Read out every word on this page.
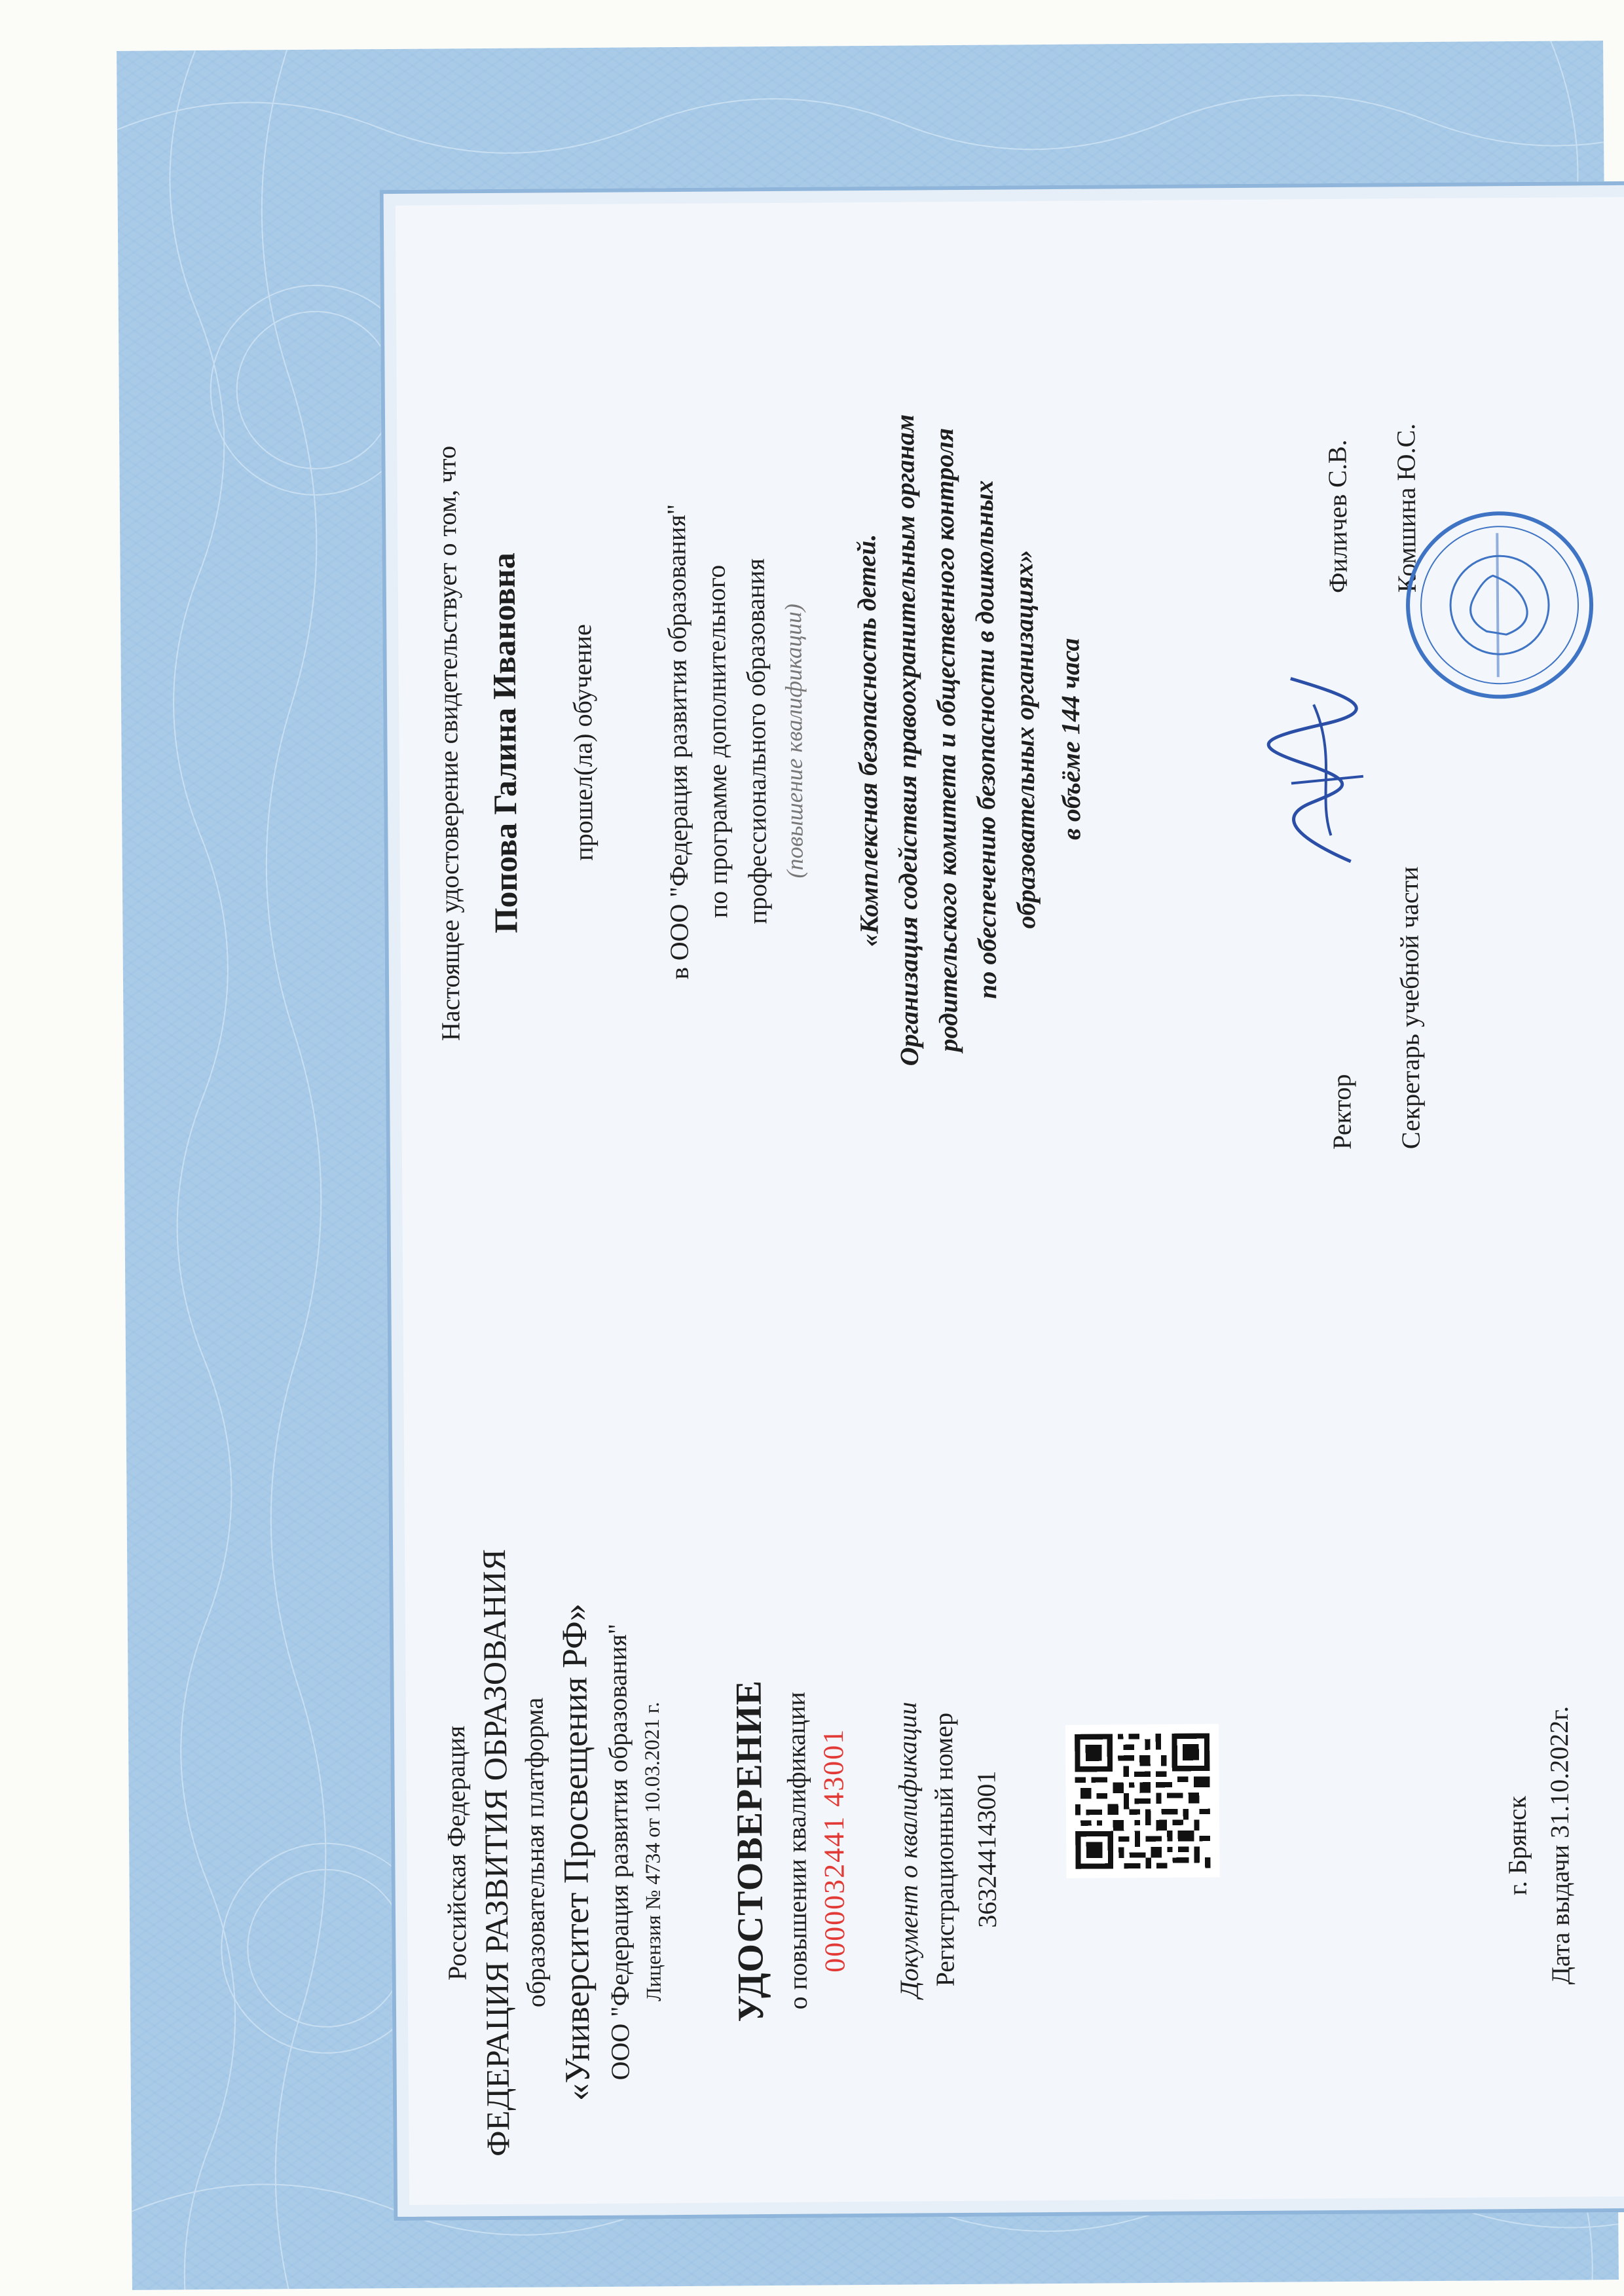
Российская Федерация ФЕДЕРАЦИЯ РАЗВИТИЯ ОБРАЗОВАНИЯ образовательная платформа «Университет Просвещения РФ» ООО "Федерация развития образования" Лицензия № 4734 от 10.03.2021 г. УДОСТОВЕРЕНИЕ о повышении квалификации 0000032441 43001 Документ о квалификации Регистрационный номер 363244143001	г. Брянск Дата выдачи 31.10.2022г.
Настоящее удостоверение свидетельствует о том, что Попова Галина Ивановна прошел(ла) обучение в ООО "Федерация развития образования" по программе дополнительного профессионального образования (повышение квалификации) «Комплексная безопасность детей. Организация содействия правоохранительным органам родительского комитета и общественного контроля по обеспечению безопасности в дошкольных образовательных организациях» в объёме 144 часа
Ректор
Филичев С.В.
Секретарь учебной части
Комшина Ю.С.
